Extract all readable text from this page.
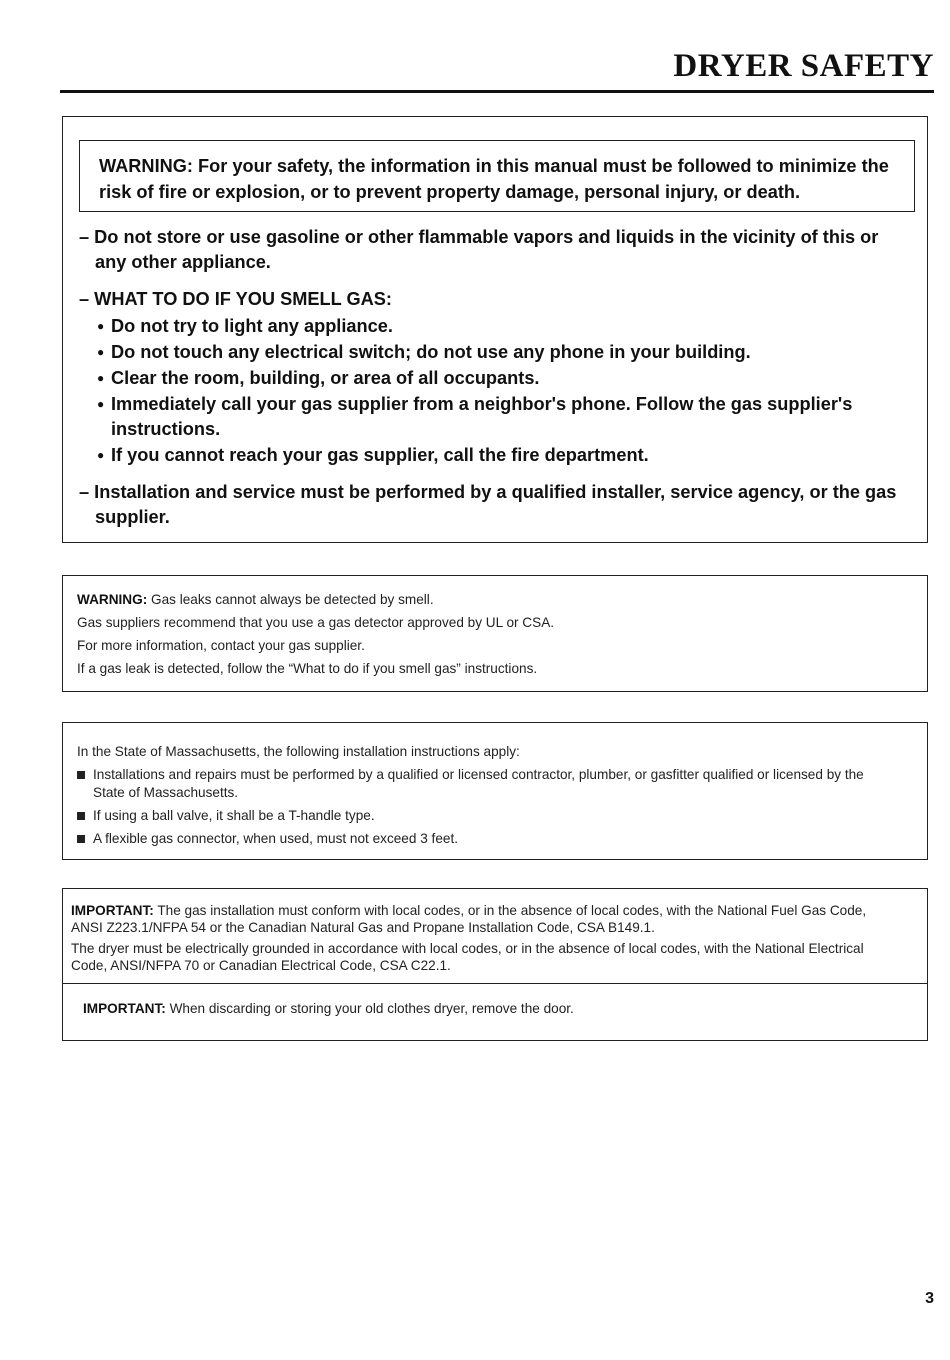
DRYER SAFETY
WARNING: For your safety, the information in this manual must be followed to minimize the risk of fire or explosion, or to prevent property damage, personal injury, or death.

– Do not store or use gasoline or other flammable vapors and liquids in the vicinity of this or any other appliance.

– WHAT TO DO IF YOU SMELL GAS:

● Do not try to light any appliance.
● Do not touch any electrical switch; do not use any phone in your building.
● Clear the room, building, or area of all occupants.
● Immediately call your gas supplier from a neighbor's phone. Follow the gas supplier's instructions.
● If you cannot reach your gas supplier, call the fire department.

– Installation and service must be performed by a qualified installer, service agency, or the gas supplier.

WARNING: Gas leaks cannot always be detected by smell.

Gas suppliers recommend that you use a gas detector approved by UL or CSA.

For more information, contact your gas supplier.

If a gas leak is detected, follow the “What to do if you smell gas” instructions.

In the State of Massachusetts, the following installation instructions apply:

Installations and repairs must be performed by a qualified or licensed contractor, plumber, or gasfitter qualified or licensed by the State of Massachusetts.

If using a ball valve, it shall be a T-handle type.

A flexible gas connector, when used, must not exceed 3 feet.

IMPORTANT: The gas installation must conform with local codes, or in the absence of local codes, with the National Fuel Gas Code, ANSI Z223.1/NFPA 54 or the Canadian Natural Gas and Propane Installation Code, CSA B149.1.

The dryer must be electrically grounded in accordance with local codes, or in the absence of local codes, with the National Electrical Code, ANSI/NFPA 70 or Canadian Electrical Code, CSA C22.1.

IMPORTANT: When discarding or storing your old clothes dryer, remove the door.

3
